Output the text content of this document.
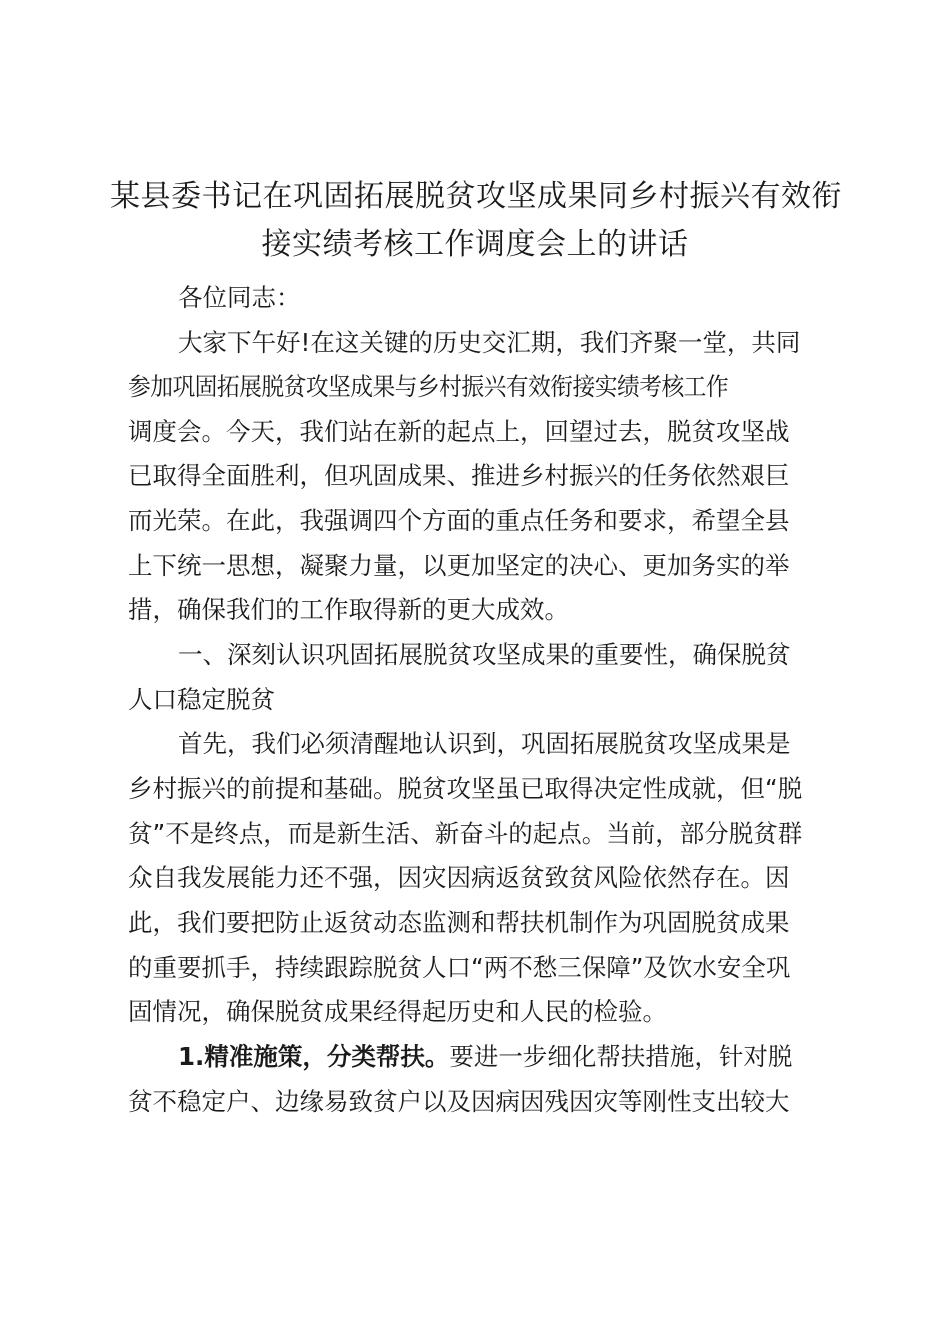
某县委书记在巩固拓展脱贫攻坚成果同乡村振兴有效衔
接实绩考核工作调度会上的讲话
各位同志：
大家下午好!在这关键的历史交汇期，我们齐聚一堂，共同
参加巩固拓展脱贫攻坚成果与乡村振兴有效衔接实绩考核工作
调度会。今天，我们站在新的起点上，回望过去，脱贫攻坚战
已取得全面胜利，但巩固成果、推进乡村振兴的任务依然艰巨
而光荣。在此，我强调四个方面的重点任务和要求，希望全县
上下统一思想，凝聚力量，以更加坚定的决心、更加务实的举
措，确保我们的工作取得新的更大成效。
一、深刻认识巩固拓展脱贫攻坚成果的重要性，确保脱贫
人口稳定脱贫
首先，我们必须清醒地认识到，巩固拓展脱贫攻坚成果是
乡村振兴的前提和基础。脱贫攻坚虽已取得决定性成就，但“脱
贫”不是终点，而是新生活、新奋斗的起点。当前，部分脱贫群
众自我发展能力还不强，因灾因病返贫致贫风险依然存在。因
此，我们要把防止返贫动态监测和帮扶机制作为巩固脱贫成果
的重要抓手，持续跟踪脱贫人口“两不愁三保障”及饮水安全巩
固情况，确保脱贫成果经得起历史和人民的检验。
1.精准施策，分类帮扶。要进一步细化帮扶措施，针对脱
贫不稳定户、边缘易致贫户以及因病因残因灾等刚性支出较大
